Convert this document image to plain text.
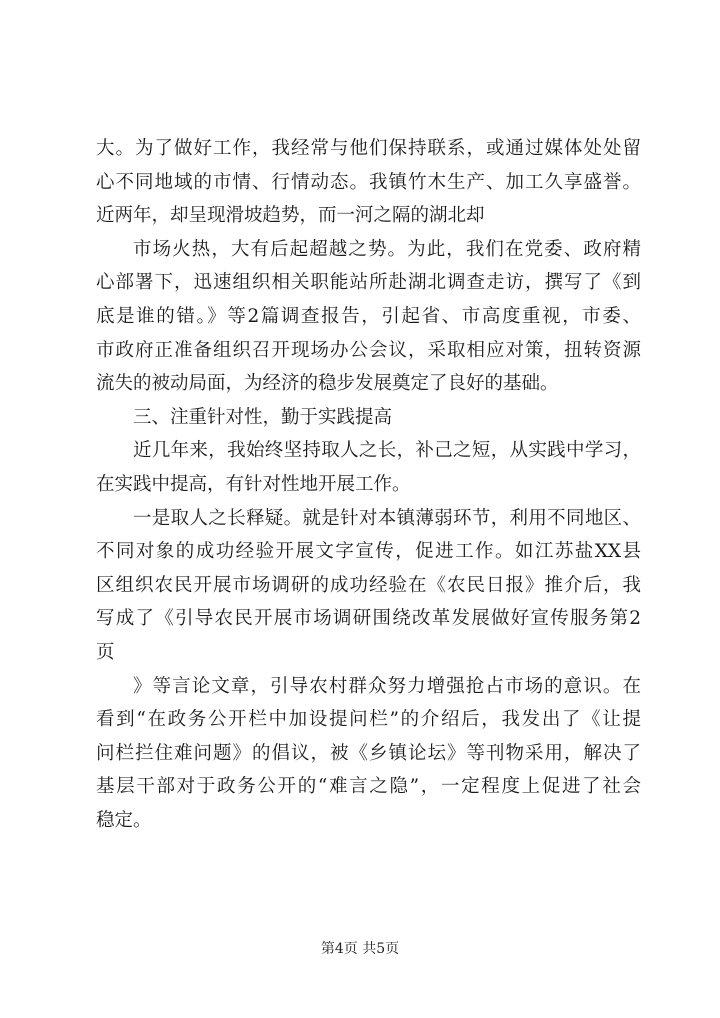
大。为了做好工作，我经常与他们保持联系，或通过媒体处处留
心不同地域的市情、行情动态。我镇竹木生产、加工久享盛誉。
近两年，却呈现滑坡趋势，而一河之隔的湖北却
市场火热，大有后起超越之势。为此，我们在党委、政府精
心部署下，迅速组织相关职能站所赴湖北调查走访，撰写了《到
底是谁的错。》等2篇调查报告，引起省、市高度重视，市委、
市政府正准备组织召开现场办公会议，采取相应对策，扭转资源
流失的被动局面，为经济的稳步发展奠定了良好的基础。
三、注重针对性，勤于实践提高
近几年来，我始终坚持取人之长，补己之短，从实践中学习，
在实践中提高，有针对性地开展工作。
一是取人之长释疑。就是针对本镇薄弱环节，利用不同地区、
不同对象的成功经验开展文字宣传，促进工作。如江苏盐XX县
区组织农民开展市场调研的成功经验在《农民日报》推介后，我
写成了《引导农民开展市场调研围绕改革发展做好宣传服务第2
页
》等言论文章，引导农村群众努力增强抢占市场的意识。在
看到“在政务公开栏中加设提问栏”的介绍后，我发出了《让提
问栏拦住难问题》的倡议，被《乡镇论坛》等刊物采用，解决了
基层干部对于政务公开的“难言之隐”，一定程度上促进了社会
稳定。
第4页 共5页
